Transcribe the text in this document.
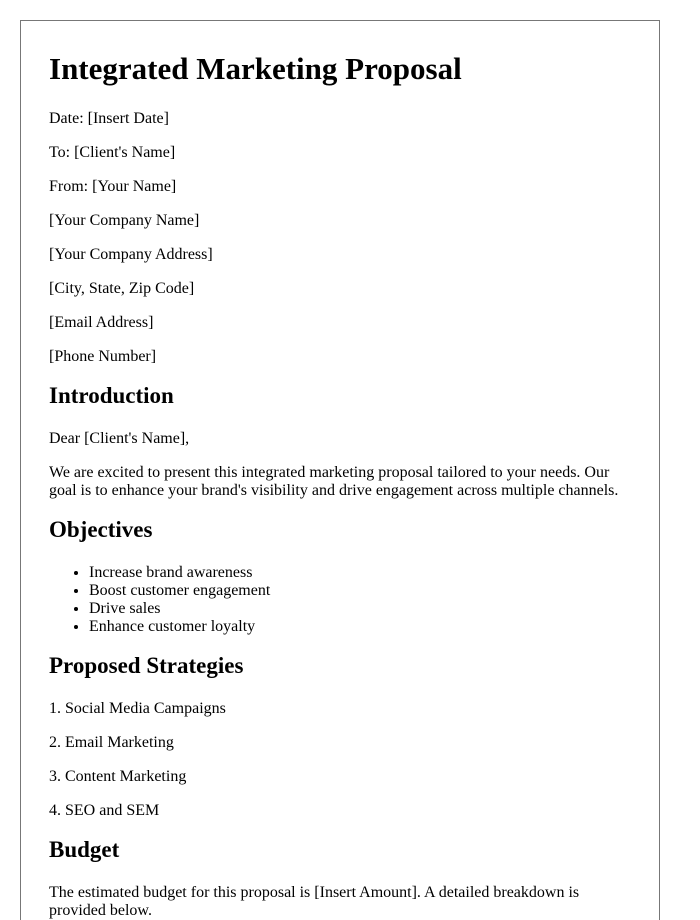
Integrated Marketing Proposal

Date: [Insert Date]

To: [Client's Name]

From: [Your Name]

[Your Company Name]

[Your Company Address]

[City, State, Zip Code]

[Email Address]

[Phone Number]

Introduction

Dear [Client's Name],

We are excited to present this integrated marketing proposal tailored to your needs. Our goal is to enhance your brand's visibility and drive engagement across multiple channels.

Objectives
• Increase brand awareness
• Boost customer engagement
• Drive sales
• Enhance customer loyalty
Proposed Strategies

1. Social Media Campaigns

2. Email Marketing

3. Content Marketing

4. SEO and SEM

Budget

The estimated budget for this proposal is [Insert Amount]. A detailed breakdown is provided below.
